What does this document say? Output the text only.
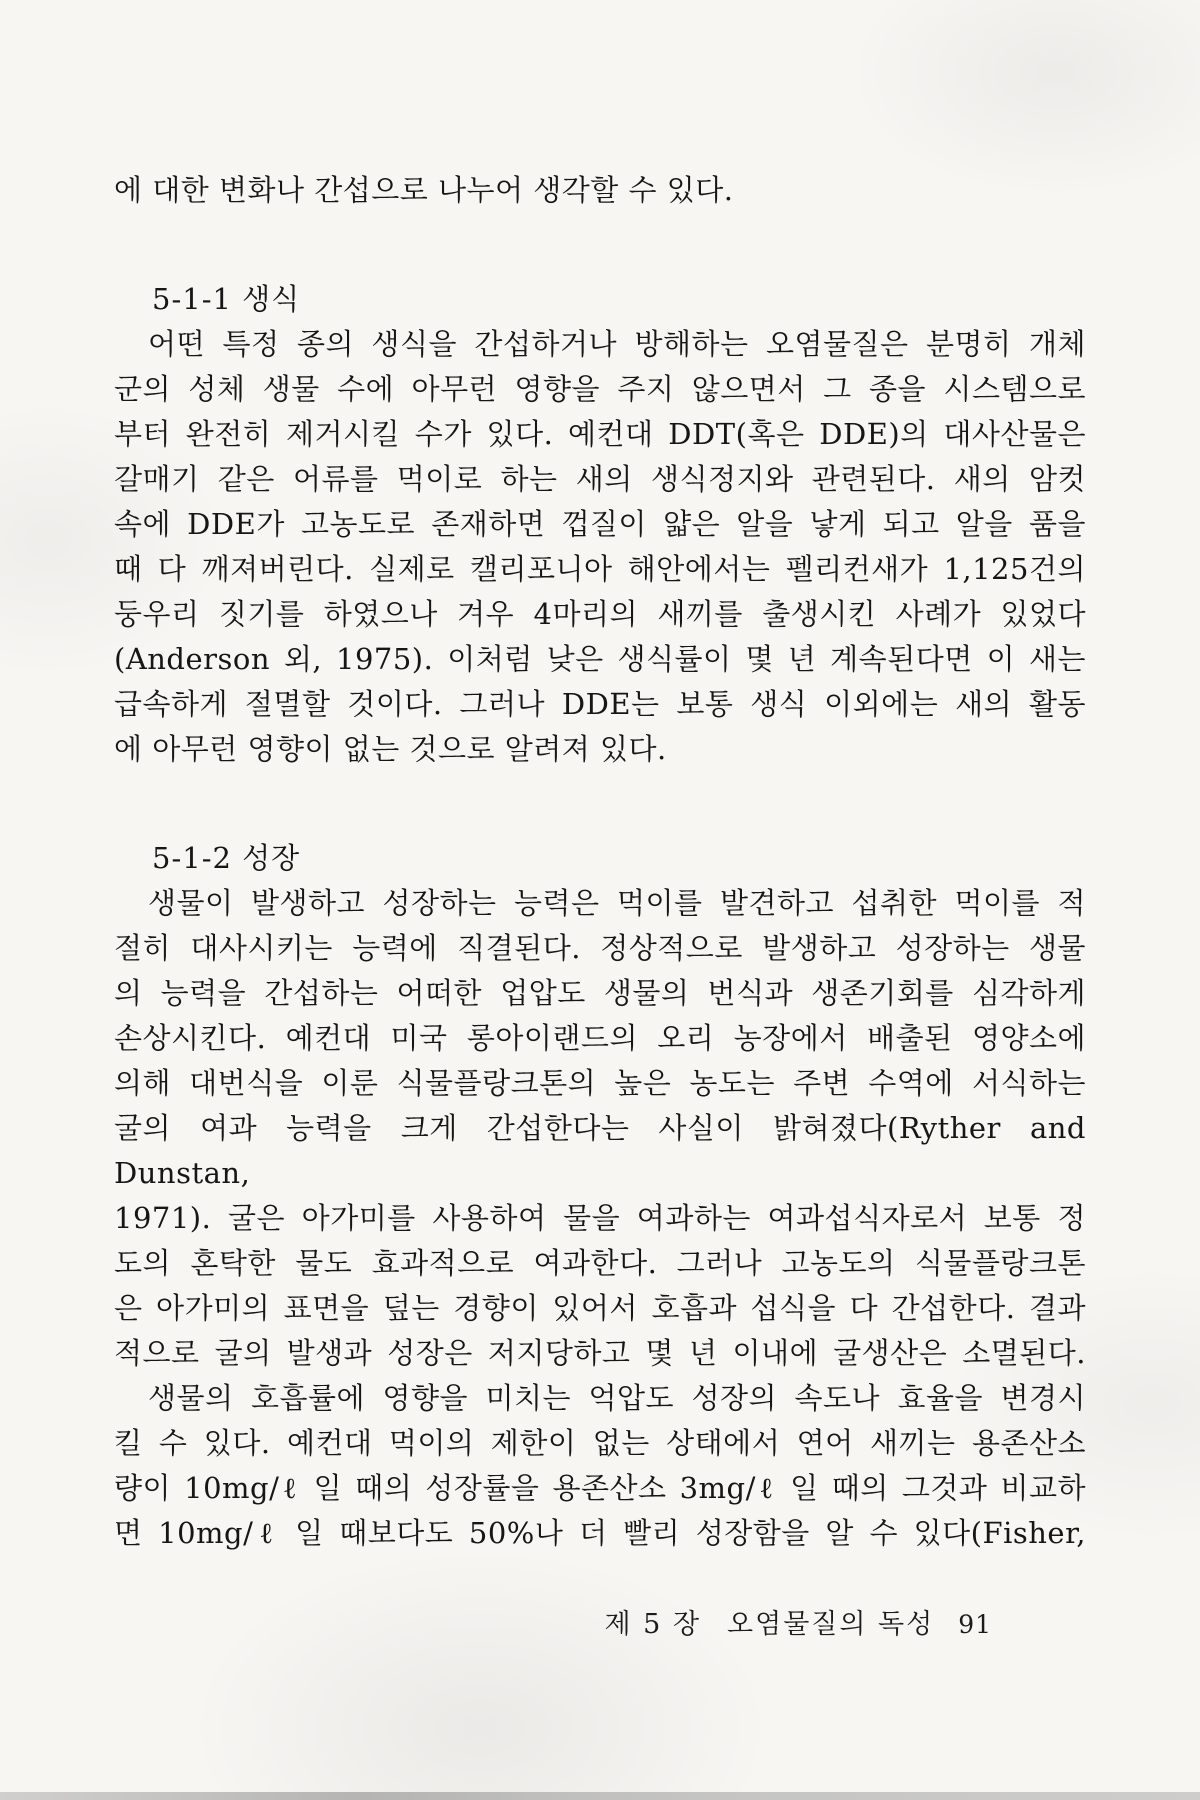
에 대한 변화나 간섭으로 나누어 생각할 수 있다.
5-1-1 생식
어떤 특정 종의 생식을 간섭하거나 방해하는 오염물질은 분명히 개체
군의 성체 생물 수에 아무런 영향을 주지 않으면서 그 종을 시스템으로
부터 완전히 제거시킬 수가 있다. 예컨대 DDT(혹은 DDE)의 대사산물은
갈매기 같은 어류를 먹이로 하는 새의 생식정지와 관련된다. 새의 암컷
속에 DDE가 고농도로 존재하면 껍질이 얇은 알을 낳게 되고 알을 품을
때 다 깨져버린다. 실제로 캘리포니아 해안에서는 펠리컨새가 1,125건의
둥우리 짓기를 하였으나 겨우 4마리의 새끼를 출생시킨 사례가 있었다
(Anderson 외, 1975). 이처럼 낮은 생식률이 몇 년 계속된다면 이 새는
급속하게 절멸할 것이다. 그러나 DDE는 보통 생식 이외에는 새의 활동
에 아무런 영향이 없는 것으로 알려져 있다.
5-1-2 성장
생물이 발생하고 성장하는 능력은 먹이를 발견하고 섭취한 먹이를 적
절히 대사시키는 능력에 직결된다. 정상적으로 발생하고 성장하는 생물
의 능력을 간섭하는 어떠한 업압도 생물의 번식과 생존기회를 심각하게
손상시킨다. 예컨대 미국 롱아이랜드의 오리 농장에서 배출된 영양소에
의해 대번식을 이룬 식물플랑크톤의 높은 농도는 주변 수역에 서식하는
굴의 여과 능력을 크게 간섭한다는 사실이 밝혀졌다(Ryther and Dunstan,
1971). 굴은 아가미를 사용하여 물을 여과하는 여과섭식자로서 보통 정
도의 혼탁한 물도 효과적으로 여과한다. 그러나 고농도의 식물플랑크톤
은 아가미의 표면을 덮는 경향이 있어서 호흡과 섭식을 다 간섭한다. 결과
적으로 굴의 발생과 성장은 저지당하고 몇 년 이내에 굴생산은 소멸된다.
생물의 호흡률에 영향을 미치는 억압도 성장의 속도나 효율을 변경시
킬 수 있다. 예컨대 먹이의 제한이 없는 상태에서 연어 새끼는 용존산소
량이 10mg/ℓ 일 때의 성장률을 용존산소 3mg/ℓ 일 때의 그것과 비교하
면 10mg/ℓ 일 때보다도 50%나 더 빨리 성장함을 알 수 있다(Fisher,
제 5 장 오염물질의 독성 91
